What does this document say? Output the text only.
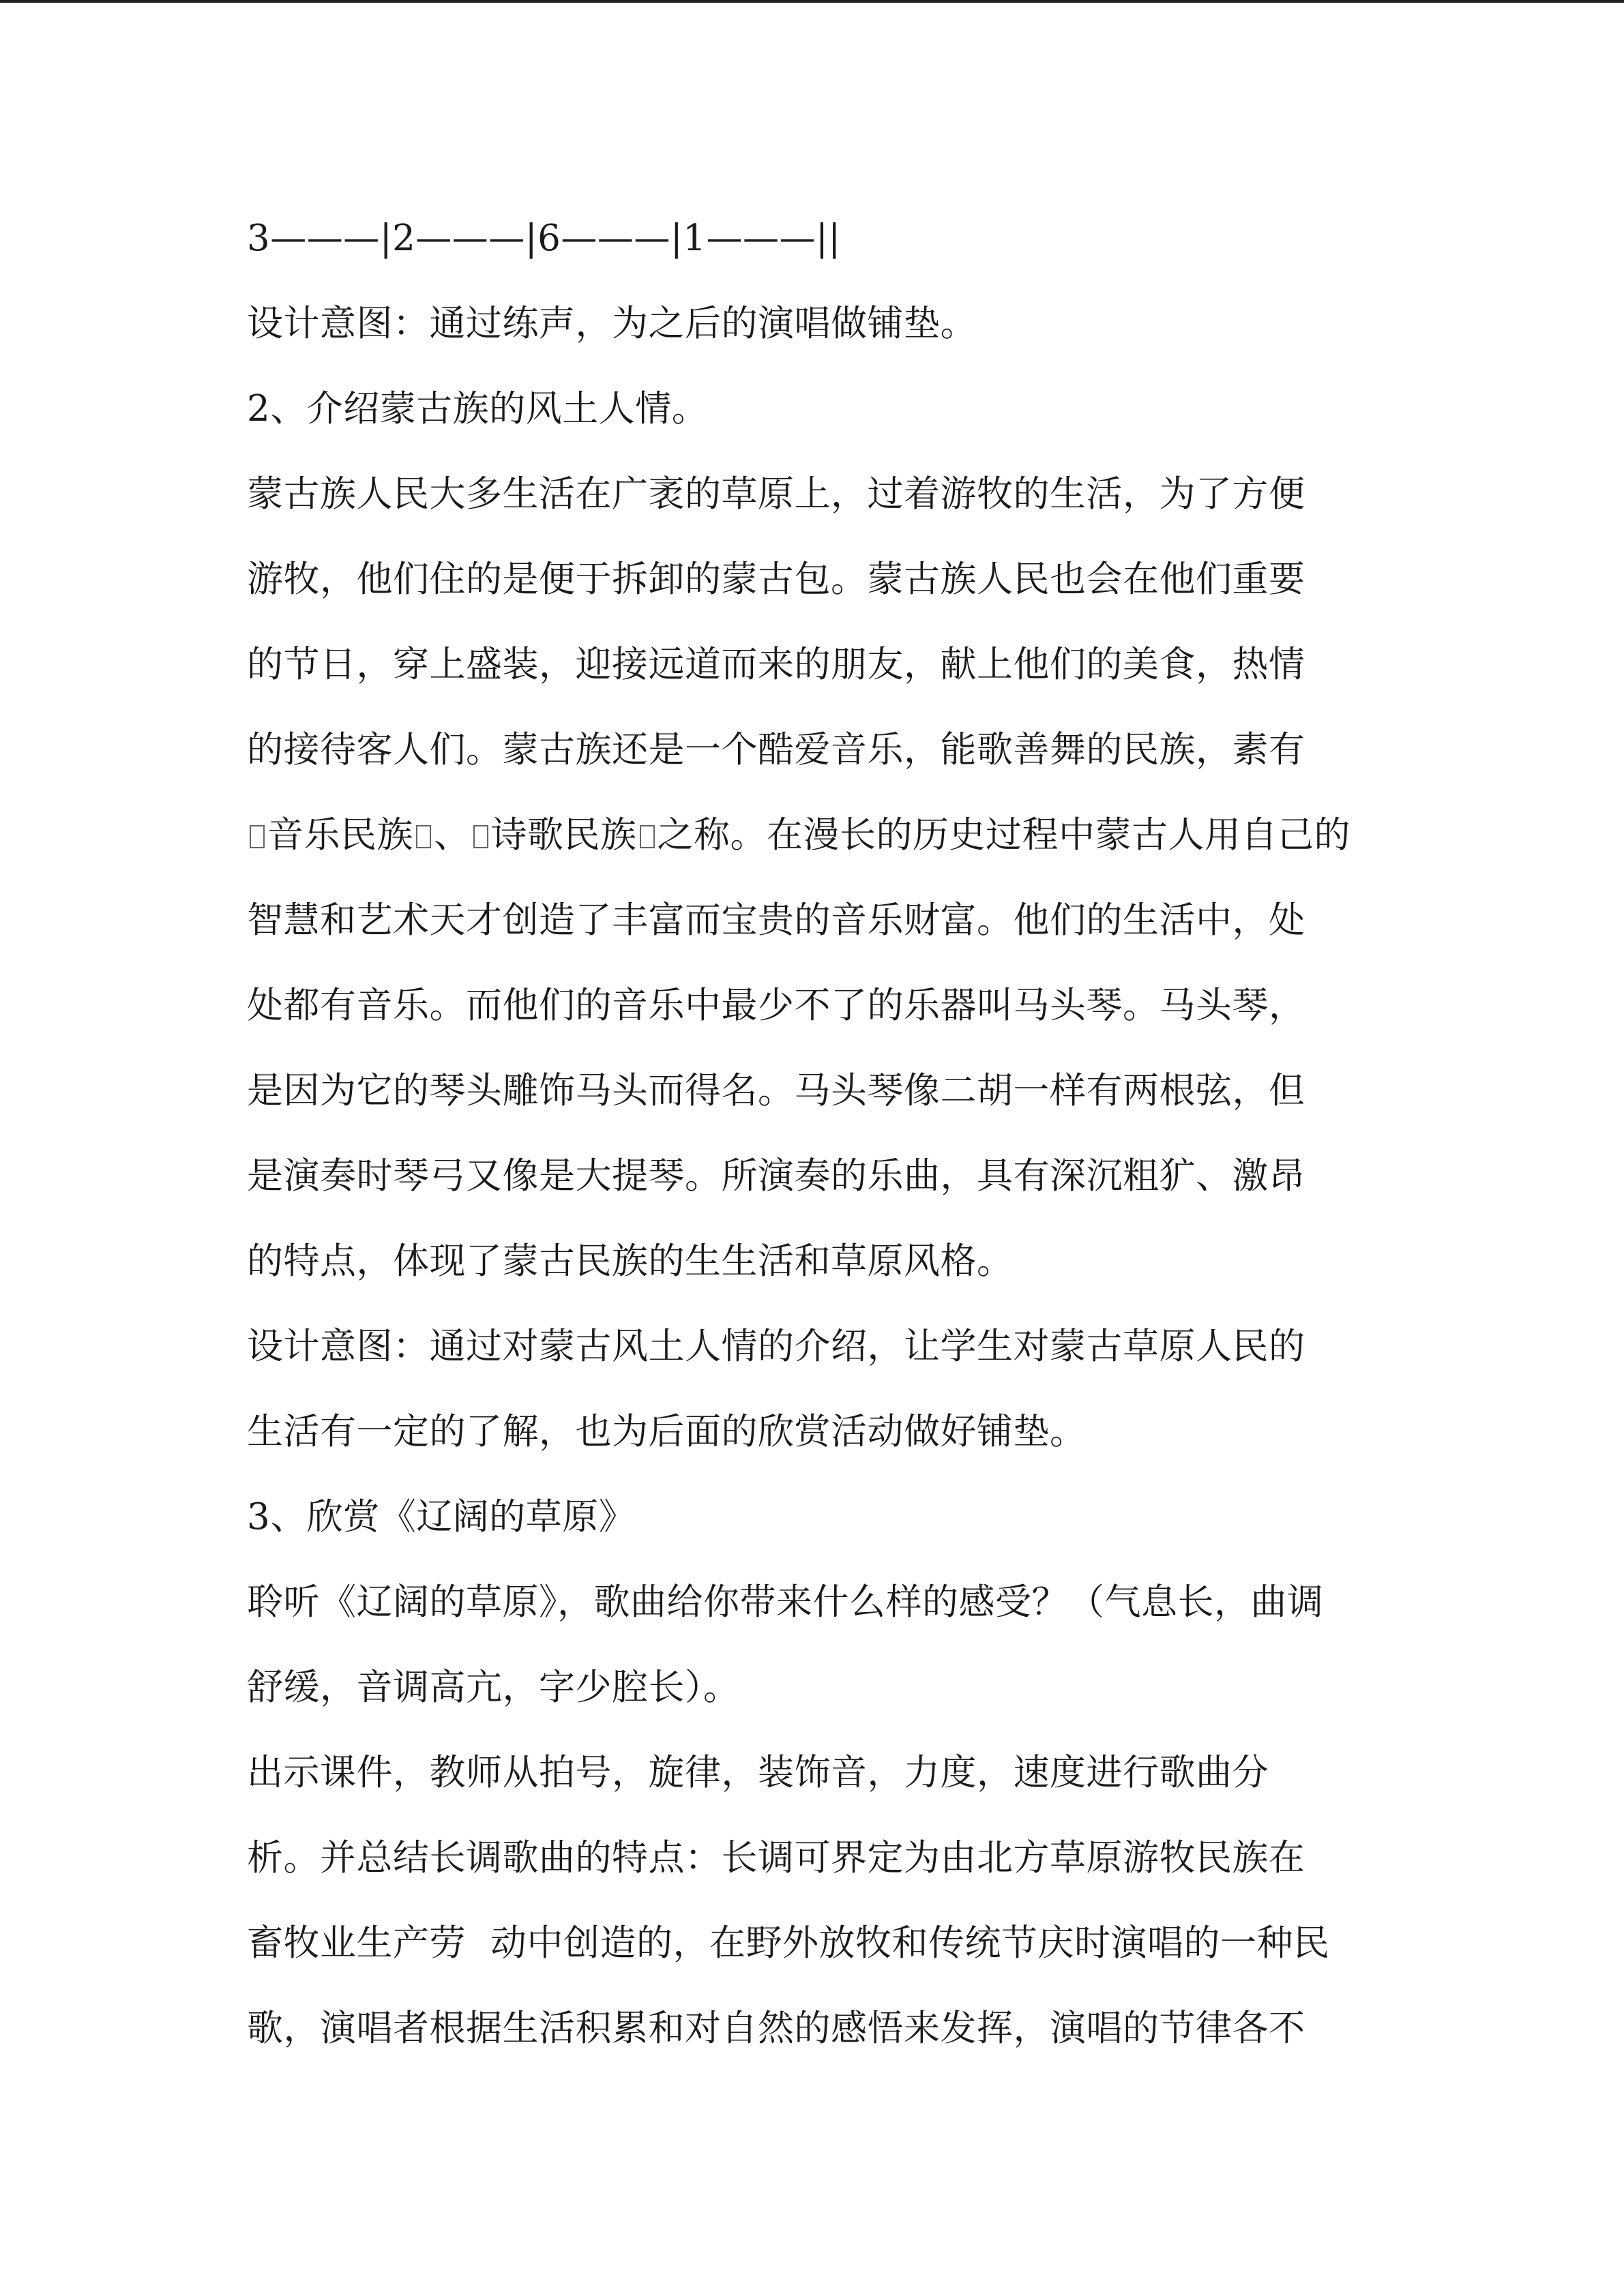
3———|2———|6———|1———||
设计意图：通过练声，为之后的演唱做铺垫。
2、介绍蒙古族的风土人情。
蒙古族人民大多生活在广袤的草原上，过着游牧的生活，为了方便
游牧，他们住的是便于拆卸的蒙古包。蒙古族人民也会在他们重要
的节日，穿上盛装，迎接远道而来的朋友，献上他们的美食，热情
的接待客人们。蒙古族还是一个酷爱音乐，能歌善舞的民族，素有
音乐民族 、 诗歌民族 之称。在漫长的历史过程中蒙古人用自己的
智慧和艺术天才创造了丰富而宝贵的音乐财富。他们的生活中，处
处都有音乐。而他们的音乐中最少不了的乐器叫马头琴。马头琴，
是因为它的琴头雕饰马头而得名。马头琴像二胡一样有两根弦，但
是演奏时琴弓又像是大提琴。所演奏的乐曲，具有深沉粗犷、激昂
的特点，体现了蒙古民族的生生活和草原风格。
设计意图：通过对蒙古风土人情的介绍，让学生对蒙古草原人民的
生活有一定的了解，也为后面的欣赏活动做好铺垫。
3、欣赏《辽阔的草原》
聆听《辽阔的草原》，歌曲给你带来什么样的感受？（气息长，曲调
舒缓，音调高亢，字少腔长）。
出示课件，教师从拍号，旋律，装饰音，力度，速度进行歌曲分
析。并总结长调歌曲的特点：长调可界定为由北方草原游牧民族在
畜牧业生产劳 动中创造的，在野外放牧和传统节庆时演唱的一种民
歌，演唱者根据生活积累和对自然的感悟来发挥，演唱的节律各不
